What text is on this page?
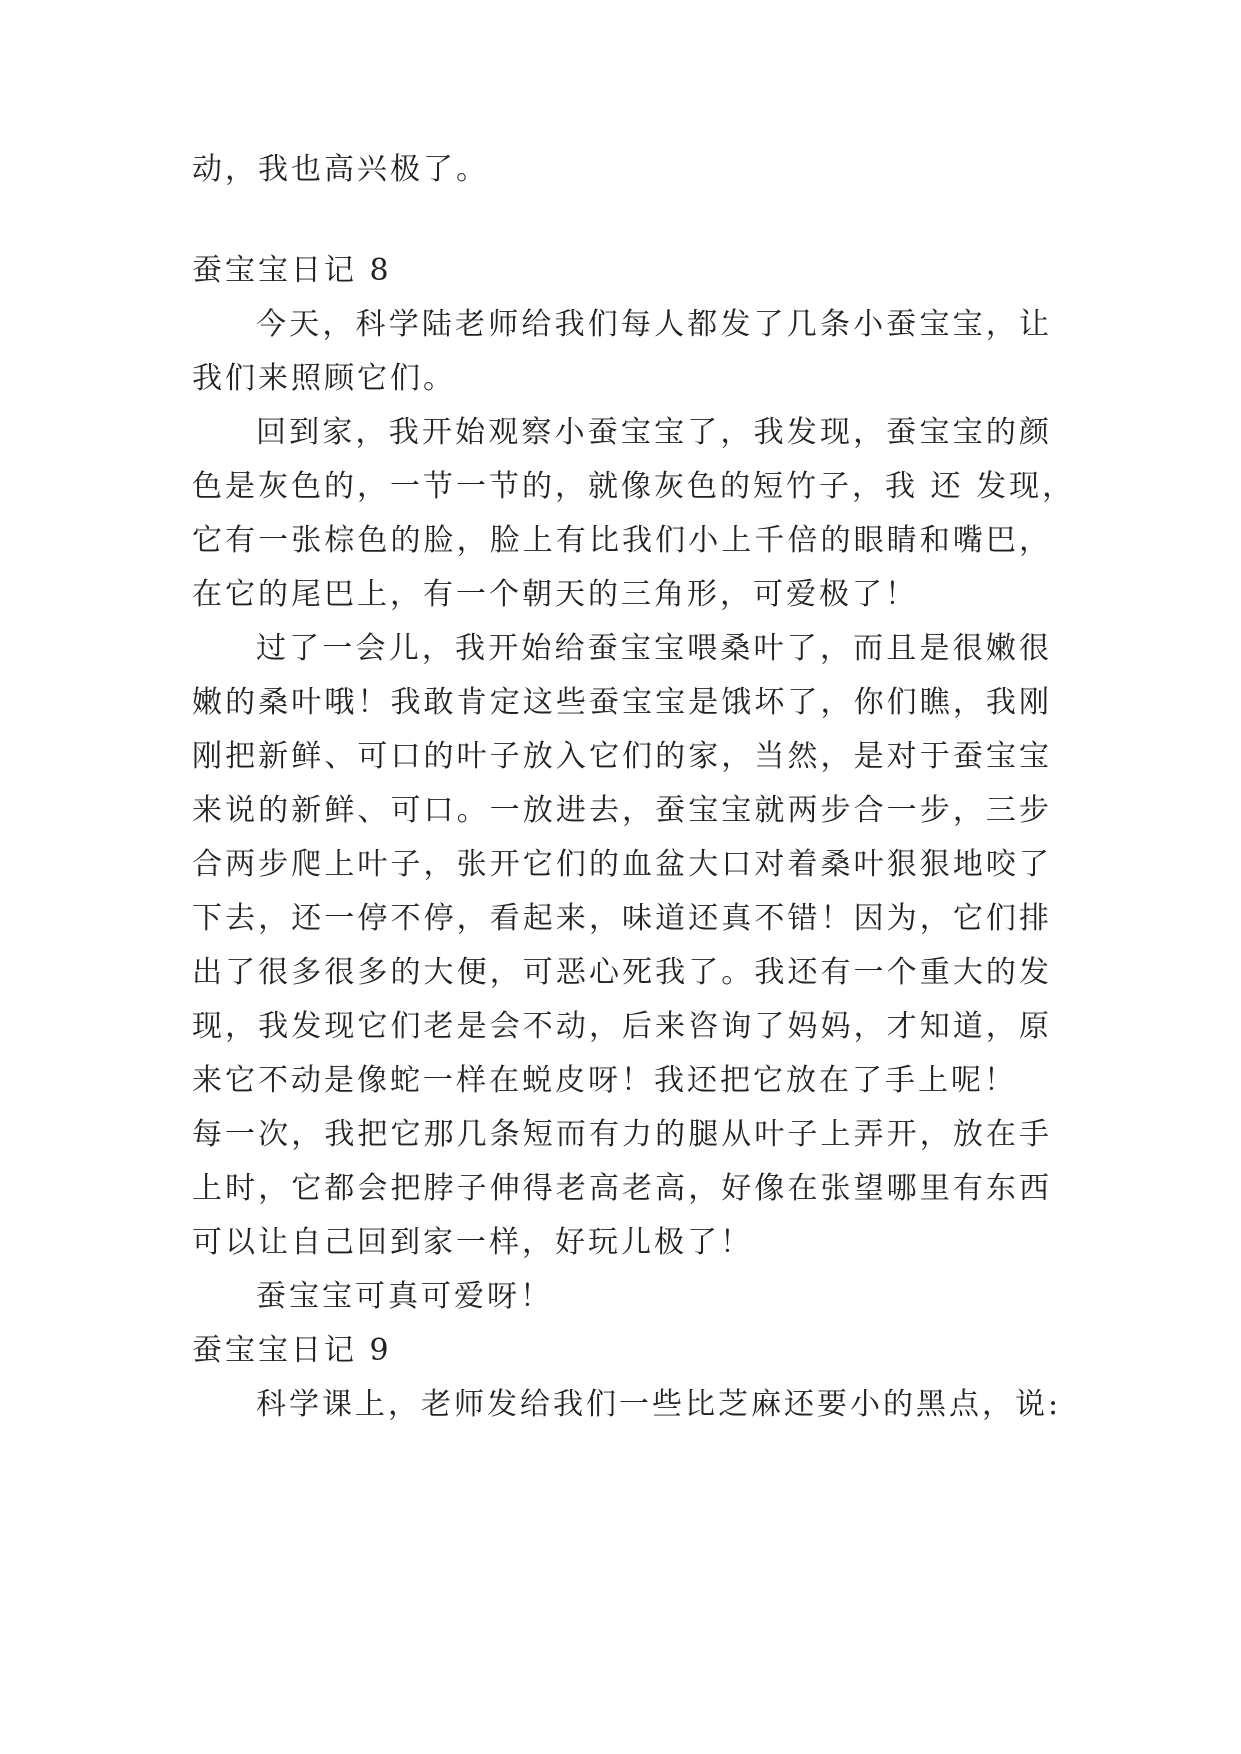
动，我也高兴极了。
蚕宝宝日记 8
今天，科学陆老师给我们每人都发了几条小蚕宝宝，让
我们来照顾它们。
回到家，我开始观察小蚕宝宝了，我发现，蚕宝宝的颜
色是灰色的，一节一节的，就像灰色的短竹子，我 还 发现，
它有一张棕色的脸，脸上有比我们小上千倍的眼睛和嘴巴，
在它的尾巴上，有一个朝天的三角形，可爱极了！
过了一会儿，我开始给蚕宝宝喂桑叶了，而且是很嫩很
嫩的桑叶哦！我敢肯定这些蚕宝宝是饿坏了，你们瞧，我刚
刚把新鲜、可口的叶子放入它们的家，当然，是对于蚕宝宝
来说的新鲜、可口。一放进去，蚕宝宝就两步合一步，三步
合两步爬上叶子，张开它们的血盆大口对着桑叶狠狠地咬了
下去，还一停不停，看起来，味道还真不错！因为，它们排
出了很多很多的大便，可恶心死我了。我还有一个重大的发
现，我发现它们老是会不动，后来咨询了妈妈，才知道，原
来它不动是像蛇一样在蜕皮呀！我还把它放在了手上呢！
每一次，我把它那几条短而有力的腿从叶子上弄开，放在手
上时，它都会把脖子伸得老高老高，好像在张望哪里有东西
可以让自己回到家一样，好玩儿极了！
蚕宝宝可真可爱呀！
蚕宝宝日记 9
科学课上，老师发给我们一些比芝麻还要小的黑点，说:
